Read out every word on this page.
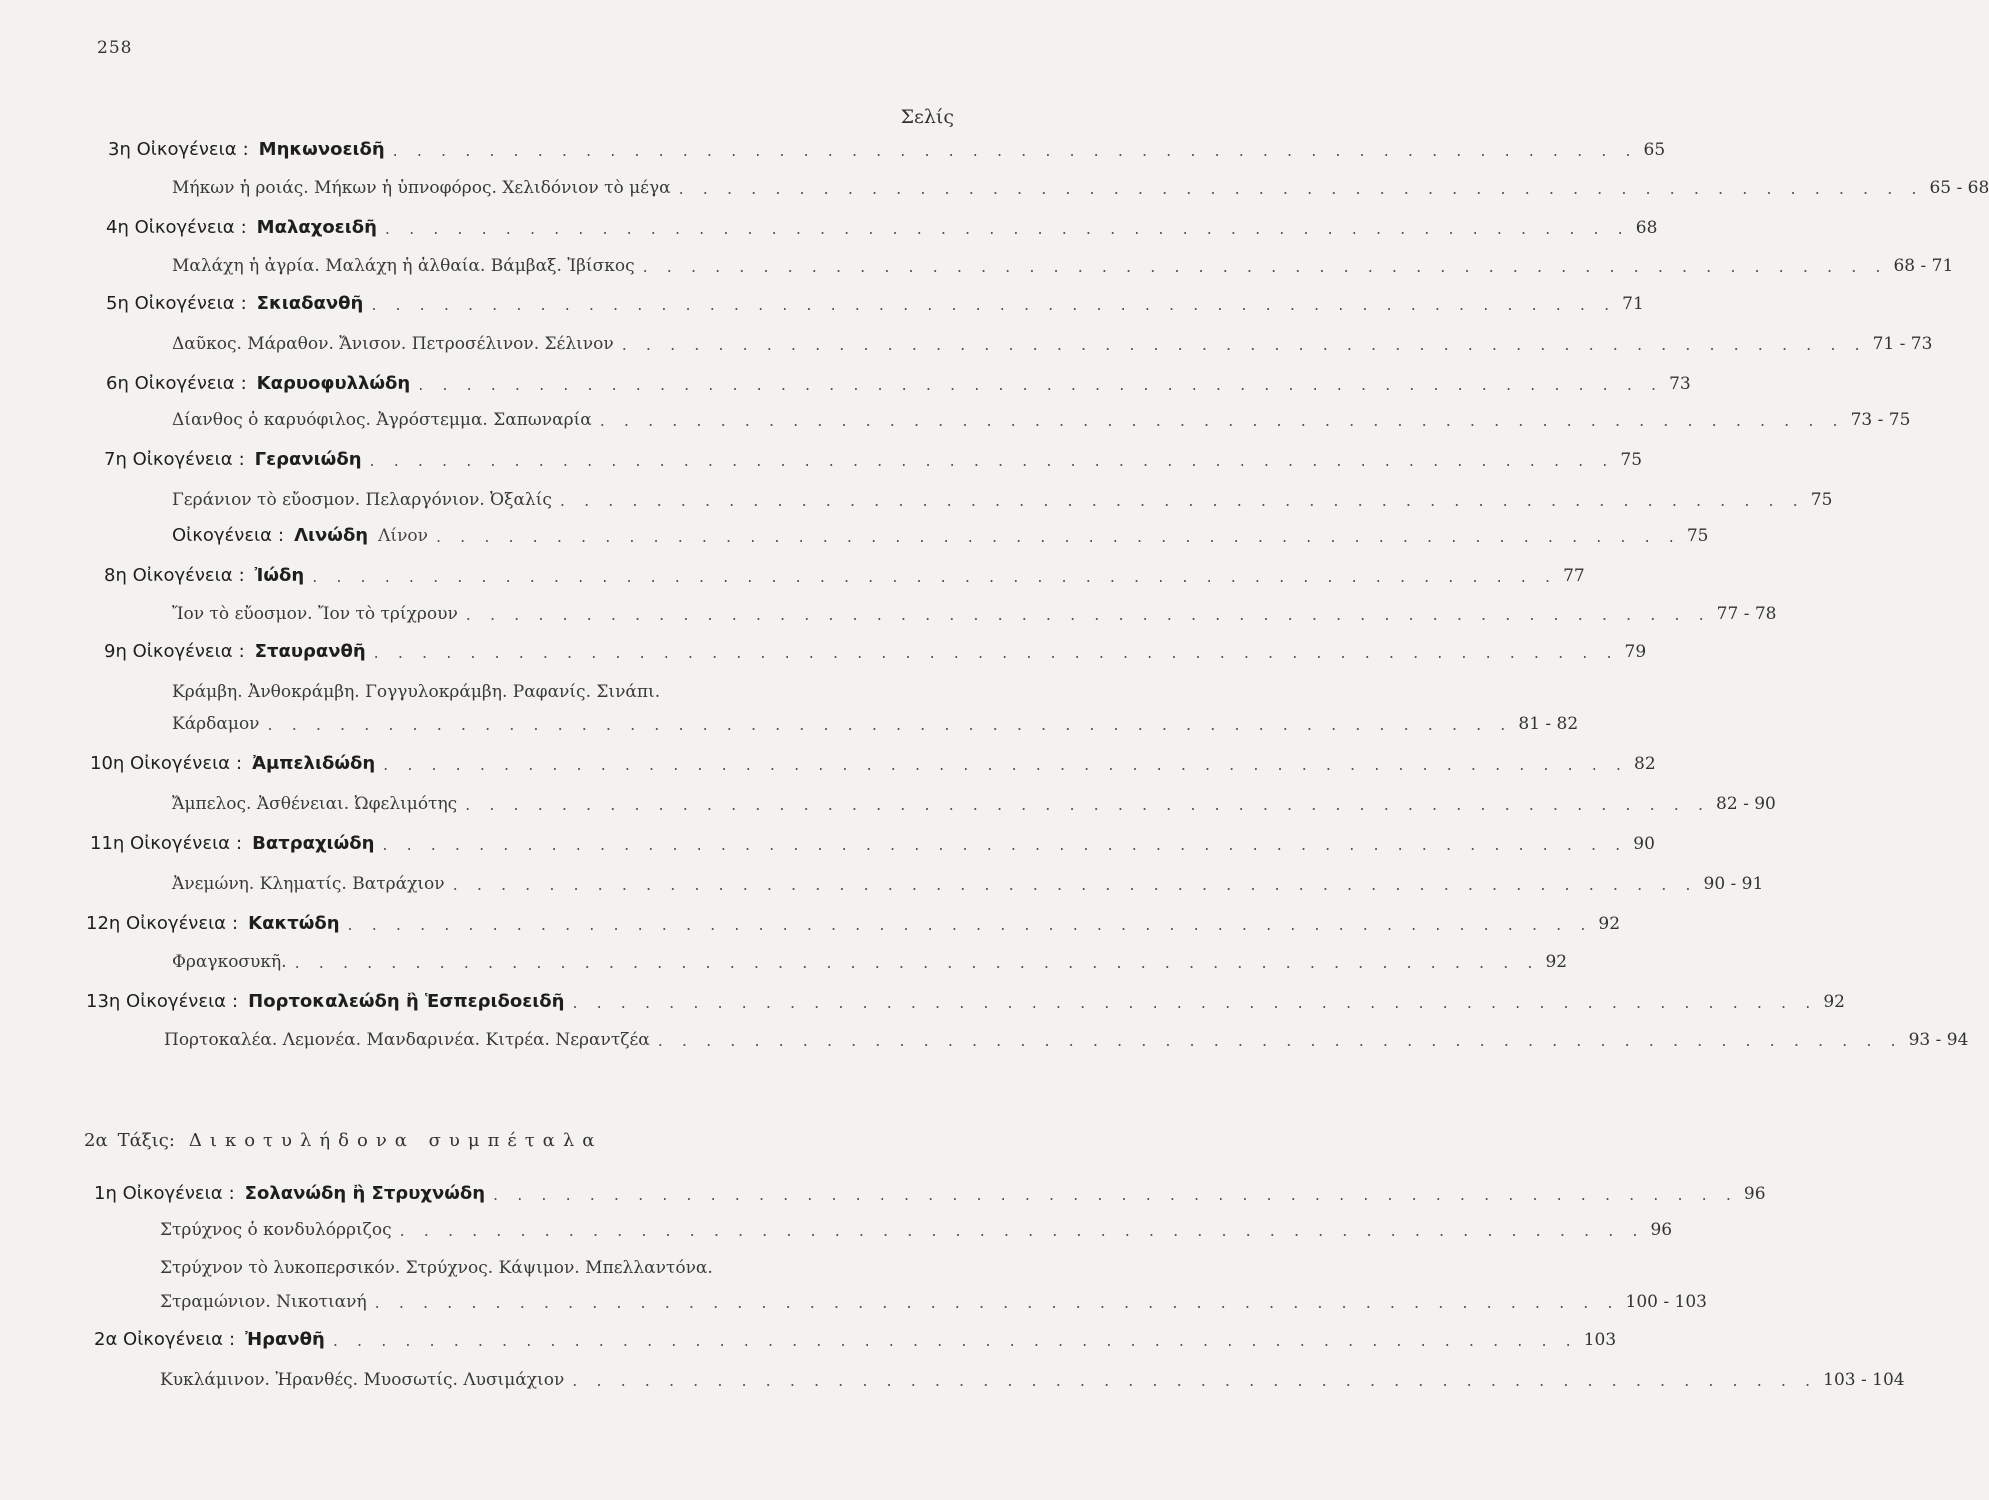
258
Σελίς
3η Οἰκογένεια : Μηκωνοειδῆ . . . . . . . . . . . . . . . . . . . . . . . . . . . . . . . . . . . . . . . . . . . . . . . . . . . . 65
Μήκων ἡ ροιάς. Μήκων ἡ ὑπνοφόρος. Χελιδόνιον τὸ μέγα . . . . . . . . . . . . . . . . . . . . . . . . . . . . . . . . . . . . . . . . . . . . . . . . . . . . 65 - 68
4η Οἰκογένεια : Μαλαχοειδῆ . . . . . . . . . . . . . . . . . . . . . . . . . . . . . . . . . . . . . . . . . . . . . . . . . . . . 68
Μαλάχη ἡ ἀγρία. Μαλάχη ἡ ἀλθαία. Βάμβαξ. Ἰβίσκος . . . . . . . . . . . . . . . . . . . . . . . . . . . . . . . . . . . . . . . . . . . . . . . . . . . . 68 - 71
5η Οἰκογένεια : Σκιαδανθῆ . . . . . . . . . . . . . . . . . . . . . . . . . . . . . . . . . . . . . . . . . . . . . . . . . . . . 71
Δαῦκος. Μάραθον. Ἄνισον. Πετροσέλινον. Σέλινον . . . . . . . . . . . . . . . . . . . . . . . . . . . . . . . . . . . . . . . . . . . . . . . . . . . . 71 - 73
6η Οἰκογένεια : Καρυοφυλλώδη . . . . . . . . . . . . . . . . . . . . . . . . . . . . . . . . . . . . . . . . . . . . . . . . . . . . 73
Δίανθος ὁ καρυόφιλος. Ἀγρόστεμμα. Σαπωναρία . . . . . . . . . . . . . . . . . . . . . . . . . . . . . . . . . . . . . . . . . . . . . . . . . . . . 73 - 75
7η Οἰκογένεια : Γερανιώδη . . . . . . . . . . . . . . . . . . . . . . . . . . . . . . . . . . . . . . . . . . . . . . . . . . . . 75
Γεράνιον τὸ εὔοσμον. Πελαργόνιον. Ὀξαλίς . . . . . . . . . . . . . . . . . . . . . . . . . . . . . . . . . . . . . . . . . . . . . . . . . . . . 75
Οἰκογένεια : Λινώδη Λίνον . . . . . . . . . . . . . . . . . . . . . . . . . . . . . . . . . . . . . . . . . . . . . . . . . . . . 75
8η Οἰκογένεια : Ἰώδη . . . . . . . . . . . . . . . . . . . . . . . . . . . . . . . . . . . . . . . . . . . . . . . . . . . . 77
Ἴον τὸ εὔοσμον. Ἴον τὸ τρίχρουν . . . . . . . . . . . . . . . . . . . . . . . . . . . . . . . . . . . . . . . . . . . . . . . . . . . . 77 - 78
9η Οἰκογένεια : Σταυρανθῆ . . . . . . . . . . . . . . . . . . . . . . . . . . . . . . . . . . . . . . . . . . . . . . . . . . . . 79
Κράμβη. Ἀνθοκράμβη. Γογγυλοκράμβη. Ραφανίς. Σινάπι.
Κάρδαμον . . . . . . . . . . . . . . . . . . . . . . . . . . . . . . . . . . . . . . . . . . . . . . . . . . . . 81 - 82
10η Οἰκογένεια : Ἀμπελιδώδη . . . . . . . . . . . . . . . . . . . . . . . . . . . . . . . . . . . . . . . . . . . . . . . . . . . . 82
Ἄμπελος. Ἀσθένειαι. Ὠφελιμότης . . . . . . . . . . . . . . . . . . . . . . . . . . . . . . . . . . . . . . . . . . . . . . . . . . . . 82 - 90
11η Οἰκογένεια : Βατραχιώδη . . . . . . . . . . . . . . . . . . . . . . . . . . . . . . . . . . . . . . . . . . . . . . . . . . . . 90
Ἀνεμώνη. Κληματίς. Βατράχιον . . . . . . . . . . . . . . . . . . . . . . . . . . . . . . . . . . . . . . . . . . . . . . . . . . . . 90 - 91
12η Οἰκογένεια : Κακτώδη . . . . . . . . . . . . . . . . . . . . . . . . . . . . . . . . . . . . . . . . . . . . . . . . . . . . 92
Φραγκοσυκῆ. . . . . . . . . . . . . . . . . . . . . . . . . . . . . . . . . . . . . . . . . . . . . . . . . . . . . 92
13η Οἰκογένεια : Πορτοκαλεώδη ἢ Ἑσπεριδοειδῆ . . . . . . . . . . . . . . . . . . . . . . . . . . . . . . . . . . . . . . . . . . . . . . . . . . . . 92
Πορτοκαλέα. Λεμονέα. Μανδαρινέα. Κιτρέα. Νεραντζέα . . . . . . . . . . . . . . . . . . . . . . . . . . . . . . . . . . . . . . . . . . . . . . . . . . . . 93 - 94
2α Τάξις: Δικοτυλήδονα συμπέταλα
1η Οἰκογένεια : Σολανώδη ἢ Στρυχνώδη . . . . . . . . . . . . . . . . . . . . . . . . . . . . . . . . . . . . . . . . . . . . . . . . . . . . 96
Στρύχνος ὁ κονδυλόρριζος . . . . . . . . . . . . . . . . . . . . . . . . . . . . . . . . . . . . . . . . . . . . . . . . . . . . 96
Στρύχνον τὸ λυκοπερσικόν. Στρύχνος. Κάψιμον. Μπελλαντόνα.
Στραμώνιον. Νικοτιανή . . . . . . . . . . . . . . . . . . . . . . . . . . . . . . . . . . . . . . . . . . . . . . . . . . . . 100 - 103
2α Οἰκογένεια : Ἠρανθῆ . . . . . . . . . . . . . . . . . . . . . . . . . . . . . . . . . . . . . . . . . . . . . . . . . . . . 103
Κυκλάμινον. Ἠρανθές. Μυοσωτίς. Λυσιμάχιον . . . . . . . . . . . . . . . . . . . . . . . . . . . . . . . . . . . . . . . . . . . . . . . . . . . . 103 - 104
